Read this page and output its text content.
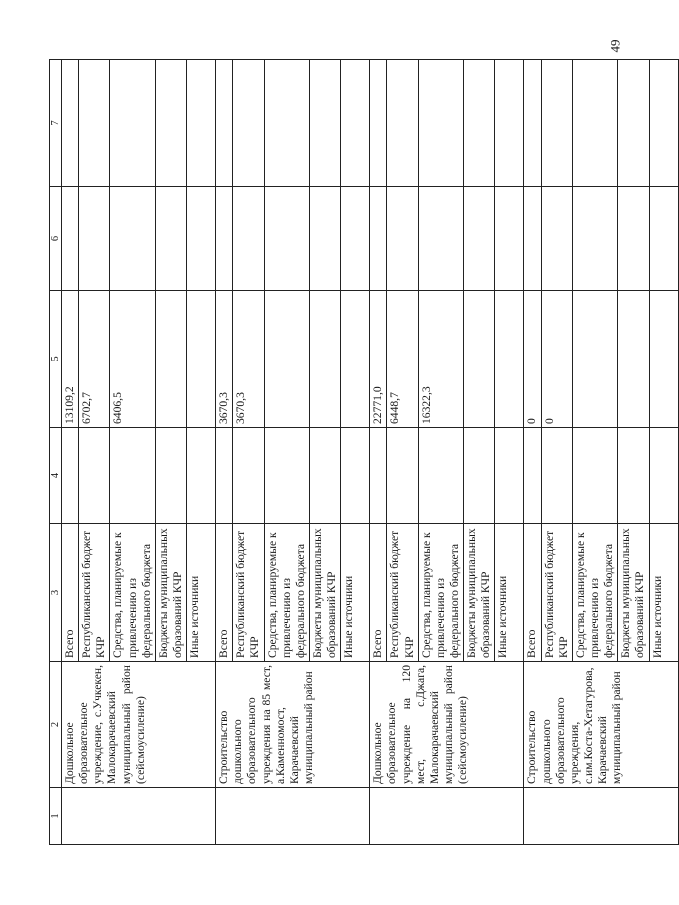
49
1	2	3	4	5	6	7
	Дошкольное образовательное учреждение, с.Учкекен, Малокарачаевский муниципальный район (сейсмоусиление)	Всего		13109,2		
		Республиканский бюджет КЧР		6702,7		
		Средства, планируемые к привлечению из федерального бюджета		6406,5		
		Бюджеты муниципальных образований КЧР				
		Иные источники				
	Строительство дошкольного образовательного учреждения на 85 мест, а.Каменномост, Карачаевский муниципальный район	Всего		3670,3		
		Республиканский бюджет КЧР		3670,3		
		Средства, планируемые к привлечению из федерального бюджета				
		Бюджеты муниципальных образований КЧР				
		Иные источники				
	Дошкольное образовательное учреждение на 120 мест, с.Джага, Малокарачаевский муниципальный район (сейсмоусиление)	Всего		22771,0		
		Республиканский бюджет КЧР		6448,7		
		Средства, планируемые к привлечению из федерального бюджета		16322,3		
		Бюджеты муниципальных образований КЧР				
		Иные источники				
	Строительство дошкольного образовательного учреждения, с.им.Коста-Хетагурова, Карачаевский муниципальный район	Всего		0		
		Республиканский бюджет КЧР		0		
		Средства, планируемые к привлечению из федерального бюджета				
		Бюджеты муниципальных образований КЧР				
		Иные источники				
